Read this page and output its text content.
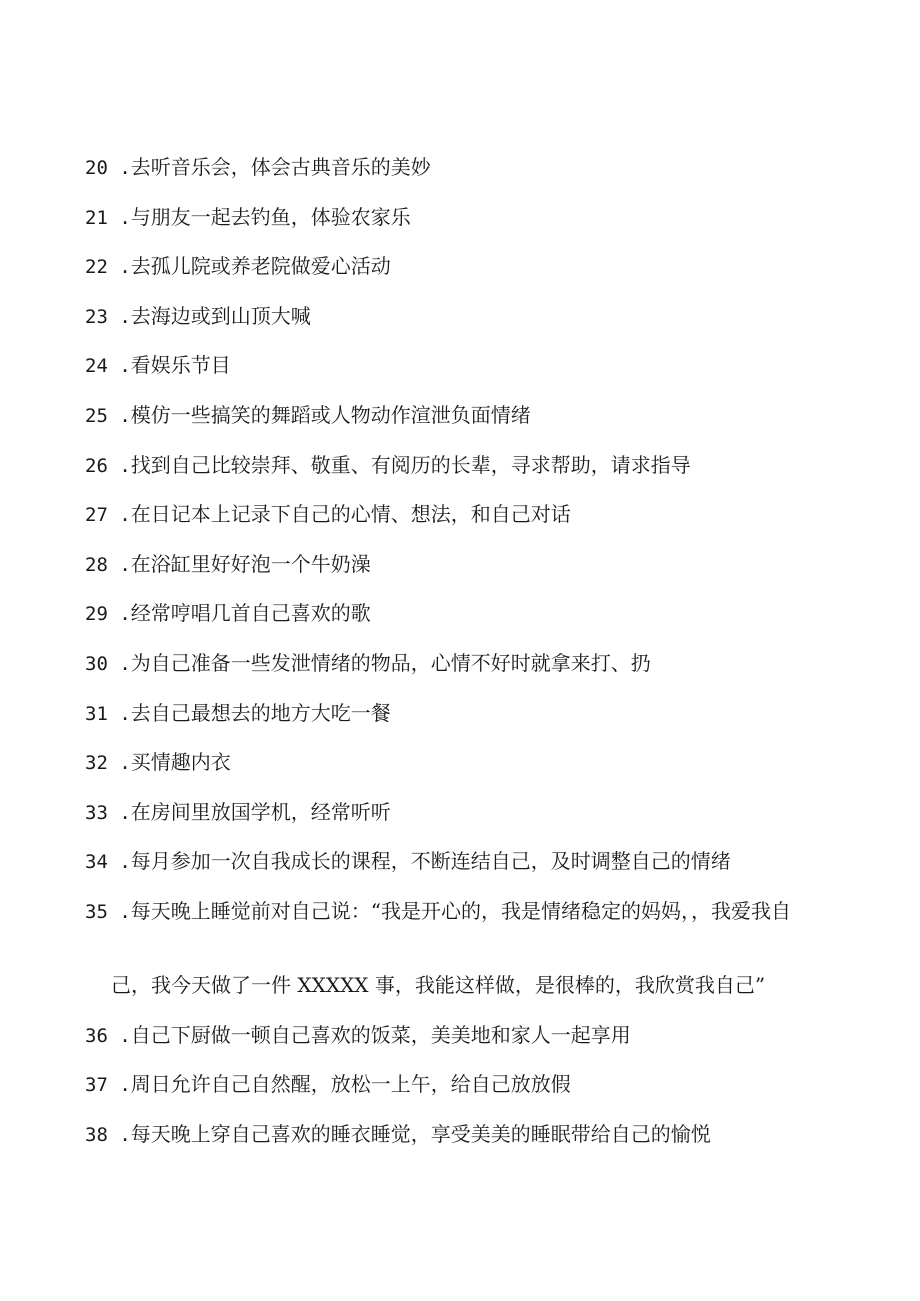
20 .去听音乐会，体会古典音乐的美妙
21 .与朋友一起去钓鱼，体验农家乐
22 .去孤儿院或养老院做爱心活动
23 .去海边或到山顶大喊
24 .看娱乐节目
25 .模仿一些搞笑的舞蹈或人物动作渲泄负面情绪
26 .找到自己比较崇拜、敬重、有阅历的长辈，寻求帮助，请求指导
27 .在日记本上记录下自己的心情、想法，和自己对话
28 .在浴缸里好好泡一个牛奶澡
29 .经常哼唱几首自己喜欢的歌
30 .为自己准备一些发泄情绪的物品，心情不好时就拿来打、扔
31 .去自己最想去的地方大吃一餐
32 .买情趣内衣
33 .在房间里放国学机，经常听听
34 .每月参加一次自我成长的课程，不断连结自己，及时调整自己的情绪
35 .每天晚上睡觉前对自己说：“我是开心的，我是情绪稳定的妈妈，，我爱我自
己，我今天做了一件 XXXXX 事，我能这样做，是很棒的，我欣赏我自己”
36 .自己下厨做一顿自己喜欢的饭菜，美美地和家人一起享用
37 .周日允许自己自然醒，放松一上午，给自己放放假
38 .每天晚上穿自己喜欢的睡衣睡觉，享受美美的睡眠带给自己的愉悦
